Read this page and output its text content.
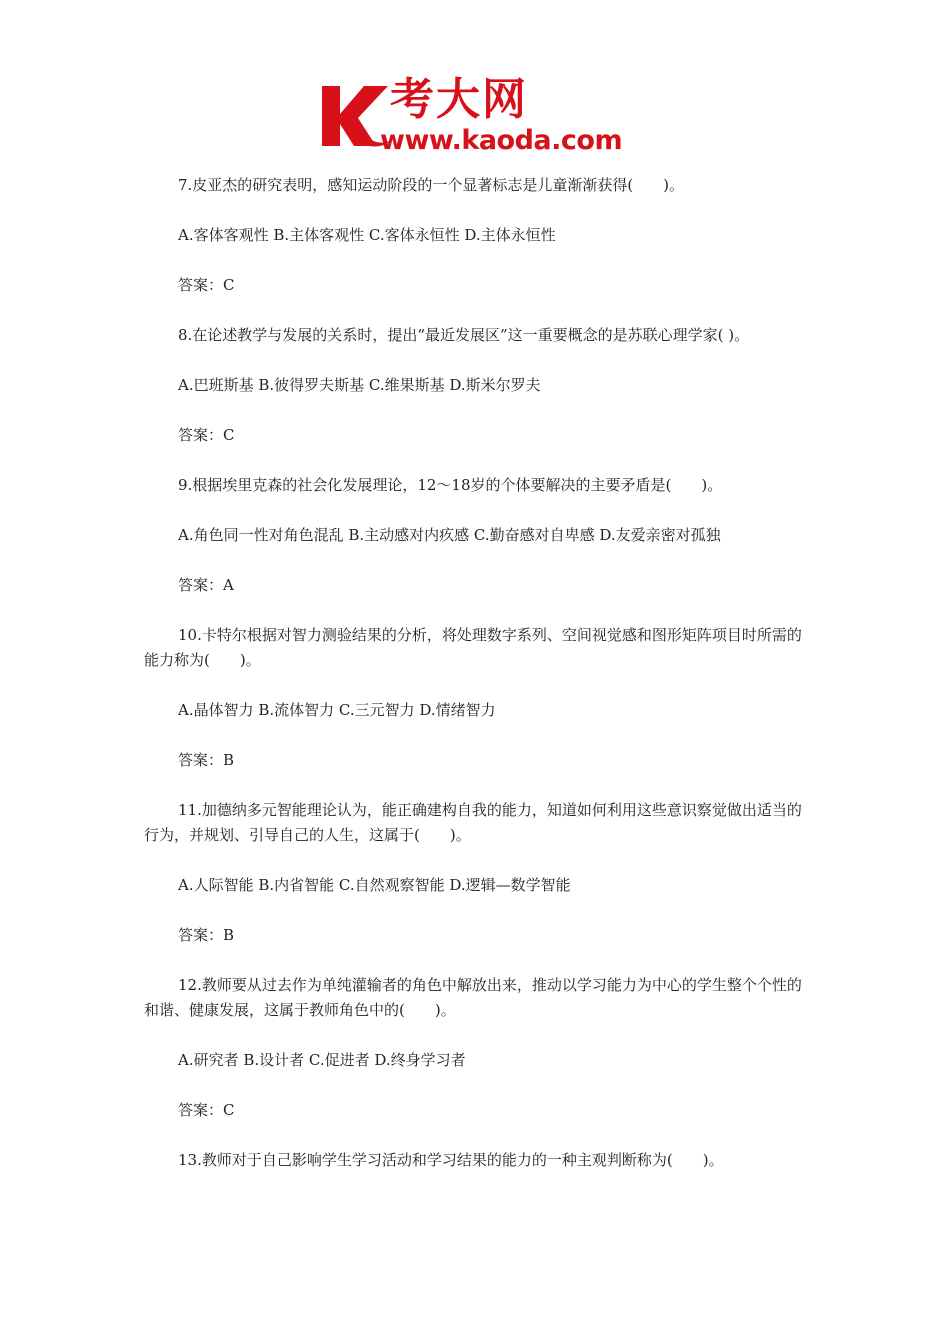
考大网
www.kaoda.com

7.皮亚杰的研究表明，感知运动阶段的一个显著标志是儿童渐渐获得(　　)。

A.客体客观性 B.主体客观性 C.客体永恒性 D.主体永恒性

答案：C

8.在论述教学与发展的关系时，提出“最近发展区”这一重要概念的是苏联心理学家( )。

A.巴班斯基 B.彼得罗夫斯基 C.维果斯基 D.斯米尔罗夫

答案：C

9.根据埃里克森的社会化发展理论，12～18岁的个体要解决的主要矛盾是(　　)。

A.角色同一性对角色混乱 B.主动感对内疚感 C.勤奋感对自卑感 D.友爱亲密对孤独

答案：A

10.卡特尔根据对智力测验结果的分析，将处理数字系列、空间视觉感和图形矩阵项目时所需的能力称为(　　)。

A.晶体智力 B.流体智力 C.三元智力 D.情绪智力

答案：B

11.加德纳多元智能理论认为，能正确建构自我的能力，知道如何利用这些意识察觉做出适当的行为，并规划、引导自己的人生，这属于(　　)。

A.人际智能 B.内省智能 C.自然观察智能 D.逻辑—数学智能

答案：B

12.教师要从过去作为单纯灌输者的角色中解放出来，推动以学习能力为中心的学生整个个性的和谐、健康发展，这属于教师角色中的(　　)。

A.研究者 B.设计者 C.促进者 D.终身学习者

答案：C

13.教师对于自己影响学生学习活动和学习结果的能力的一种主观判断称为(　　)。
